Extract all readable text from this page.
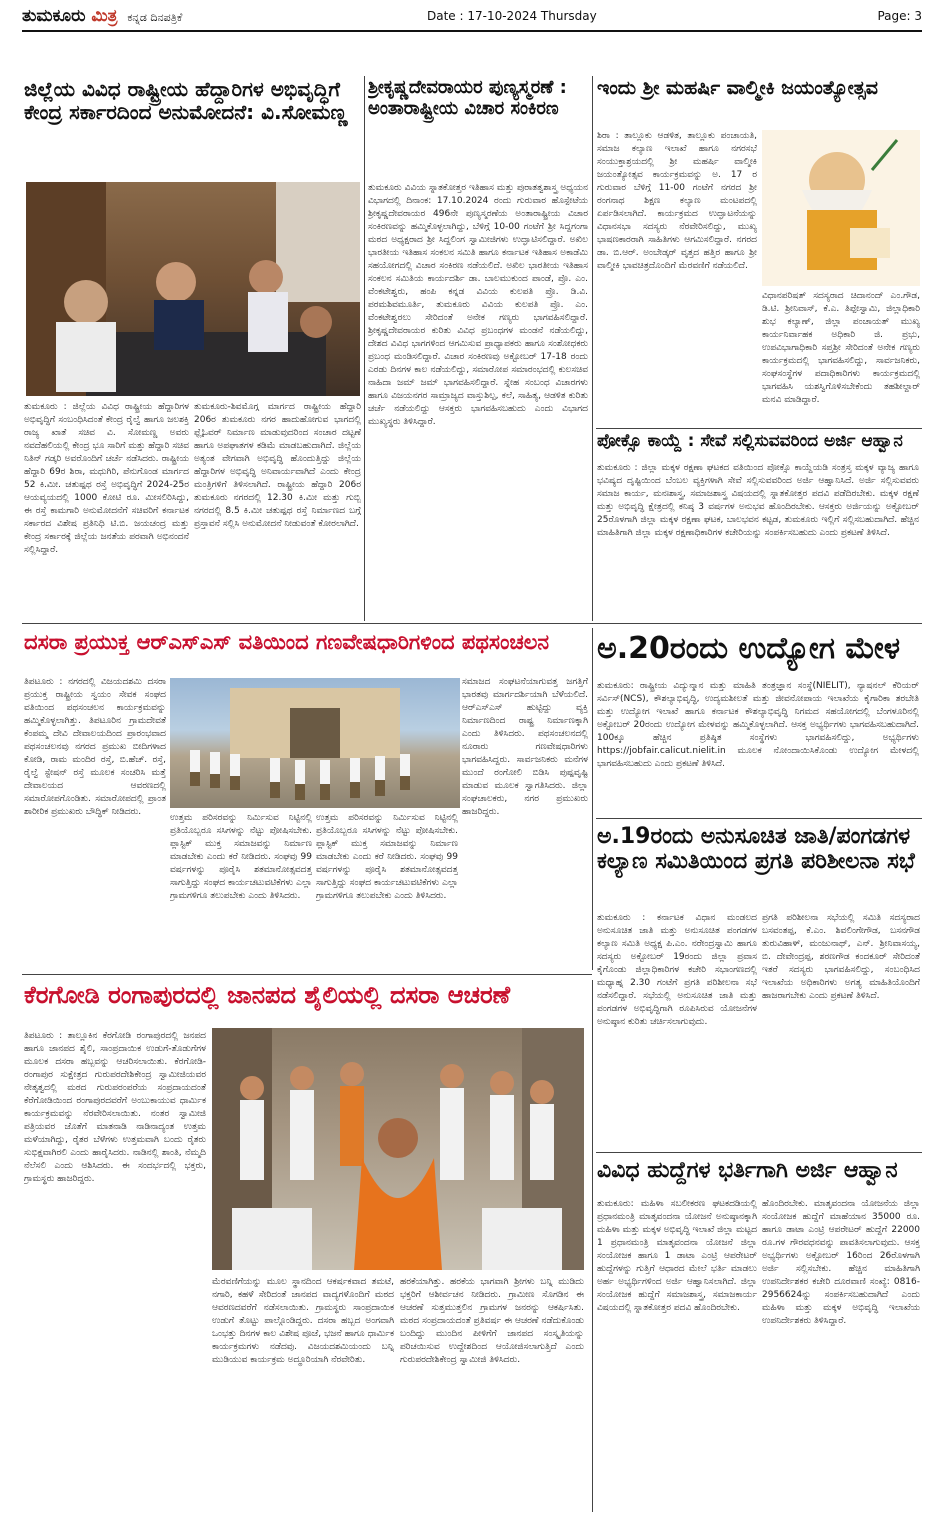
ತುಮಕೂರು ಮಿತ್ರ ಕನ್ನಡ ದಿನಪತ್ರಿಕೆ	Date : 17-10-2024 Thursday	Page: 3
ಜಿಲ್ಲೆಯ ವಿವಿಧ ರಾಷ್ಟ್ರೀಯ ಹೆದ್ದಾರಿಗಳ ಅಭಿವೃದ್ಧಿಗೆ ಕೇಂದ್ರ ಸರ್ಕಾರದಿಂದ ಅನುಮೋದನೆ: ವಿ.ಸೋಮಣ್ಣ
ತುಮಕೂರು : ಜಿಲ್ಲೆಯ ವಿವಿಧ ರಾಷ್ಟ್ರೀಯ ಹೆದ್ದಾರಿಗಳ ಅಭಿವೃದ್ಧಿಗೆ ಸಂಬಂಧಿಸಿದಂತೆ ಕೇಂದ್ರ ರೈಲ್ವೆ ಹಾಗೂ ಜಲಶಕ್ತಿ ರಾಜ್ಯ ಖಾತೆ ಸಚಿವ ವಿ. ಸೋಮಣ್ಣ ಅವರು ನವದೆಹಲಿಯಲ್ಲಿ ಕೇಂದ್ರ ಭೂ ಸಾರಿಗೆ ಮತ್ತು ಹೆದ್ದಾರಿ ಸಚಿವ ನಿತಿನ್ ಗಡ್ಕರಿ ಅವರೊಂದಿಗೆ ಚರ್ಚೆ ನಡೆಸಿದರು. ರಾಷ್ಟ್ರೀಯ ಹೆದ್ದಾರಿ 69ರ ಶಿರಾ, ಮಧುಗಿರಿ, ಪೆನುಗೊಂಡ ಮಾರ್ಗದ 52 ಕಿ.ಮೀ. ಚತುಷ್ಪಥ ರಸ್ತೆ ಅಭಿವೃದ್ಧಿಗೆ 2024-25ರ ಆಯವ್ಯಯದಲ್ಲಿ 1000 ಕೋಟಿ ರೂ. ಮೀಸಲಿರಿಸಿದ್ದು, ಈ ರಸ್ತೆ ಕಾಮಗಾರಿ ಅನುಮೋದನೆಗೆ ಸಚಿವರಿಗೆ ಕರ್ನಾಟಕ ಸರ್ಕಾರದ ವಿಶೇಷ ಪ್ರತಿನಿಧಿ ಟಿ.ಬಿ. ಜಯಚಂದ್ರ ಮತ್ತು ಕೇಂದ್ರ ಸರ್ಕಾರಕ್ಕೆ ಜಿಲ್ಲೆಯ ಜನತೆಯ ಪರವಾಗಿ ಅಭಿನಂದನೆ ಸಲ್ಲಿಸಿದ್ದಾರೆ.
ತುಮಕೂರು-ಶಿವಮೊಗ್ಗ ಮಾರ್ಗದ ರಾಷ್ಟ್ರೀಯ ಹೆದ್ದಾರಿ 206ರ ತುಮಕೂರು ನಗರ ಹಾದುಹೋಗುವ ಭಾಗದಲ್ಲಿ ಫ್ಲೈಓವರ್ ನಿರ್ಮಾಣ ಮಾಡುವುದರಿಂದ ಸಂಚಾರ ದಟ್ಟಣೆ ಹಾಗೂ ಅಪಘಾತಗಳ ಕಡಿಮೆ ಮಾಡಬಹುದಾಗಿದೆ. ಜಿಲ್ಲೆಯ ಅತ್ಯಂತ ವೇಗವಾಗಿ ಅಭಿವೃದ್ಧಿ ಹೊಂದುತ್ತಿದ್ದು ಜಿಲ್ಲೆಯ ಹೆದ್ದಾರಿಗಳ ಅಭಿವೃದ್ಧಿ ಅನಿವಾರ್ಯವಾಗಿದೆ ಎಂದು ಕೇಂದ್ರ ಮಂತ್ರಿಗಳಿಗೆ ತಿಳಿಸಲಾಗಿದೆ. ರಾಷ್ಟ್ರೀಯ ಹೆದ್ದಾರಿ 206ರ ತುಮಕೂರು ನಗರದಲ್ಲಿ 12.30 ಕಿ.ಮೀ ಮತ್ತು ಗುಬ್ಬಿ ನಗರದಲ್ಲಿ 8.5 ಕಿ.ಮೀ ಚತುಷ್ಪಥ ರಸ್ತೆ ನಿರ್ಮಾಣದ ಬಗ್ಗೆ ಪ್ರಸ್ತಾವನೆ ಸಲ್ಲಿಸಿ ಅನುಮೋದನೆ ನೀಡುವಂತೆ ಕೋರಲಾಗಿದೆ.
ಶ್ರೀಕೃಷ್ಣದೇವರಾಯರ ಪುಣ್ಯಸ್ಮರಣೆ : ಅಂತಾರಾಷ್ಟ್ರೀಯ ವಿಚಾರ ಸಂಕಿರಣ
ತುಮಕೂರು ವಿವಿಯ ಸ್ನಾತಕೋತ್ತರ ಇತಿಹಾಸ ಮತ್ತು ಪುರಾತತ್ವಶಾಸ್ತ್ರ ಅಧ್ಯಯನ ವಿಭಾಗದಲ್ಲಿ ದಿನಾಂಕ: 17.10.2024 ರಂದು ಗುರುವಾರ ಹೊಸ್ಪೇಟೆಯ ಶ್ರೀಕೃಷ್ಣದೇವರಾಯರ 496ನೇ ಪುಣ್ಯಸ್ಮರಣೆಯ ಅಂತಾರಾಷ್ಟ್ರೀಯ ವಿಚಾರ ಸಂಕಿರಣವನ್ನು ಹಮ್ಮಿಕೊಳ್ಳಲಾಗಿದ್ದು, ಬೆಳಿಗ್ಗೆ 10-00 ಗಂಟೆಗೆ ಶ್ರೀ ಸಿದ್ದಗಂಗಾ ಮಠದ ಅಧ್ಯಕ್ಷರಾದ ಶ್ರೀ ಸಿದ್ದಲಿಂಗ ಸ್ವಾಮೀಜಿಗಳು ಉದ್ಘಾಟಿಸಲಿದ್ದಾರೆ. ಅಖಿಲ ಭಾರತೀಯ ಇತಿಹಾಸ ಸಂಕಲನ ಸಮಿತಿ ಹಾಗೂ ಕರ್ನಾಟಕ ಇತಿಹಾಸ ಅಕಾಡೆಮಿ ಸಹಯೋಗದಲ್ಲಿ ವಿಚಾರ ಸಂಕಿರಣ ನಡೆಯಲಿದೆ. ಅಖಿಲ ಭಾರತೀಯ ಇತಿಹಾಸ ಸಂಕಲನ ಸಮಿತಿಯ ಕಾರ್ಯದರ್ಶಿ ಡಾ. ಬಾಲಮುಕುಂದ ಪಾಂಡೆ, ಪ್ರೊ. ಎಂ. ವೆಂಕಟೇಶ್ವರು, ಹಂಪಿ ಕನ್ನಡ ವಿವಿಯ ಕುಲಪತಿ ಪ್ರೊ. ಡಿ.ವಿ. ಪರಮಶಿವಮೂರ್ತಿ, ತುಮಕೂರು ವಿವಿಯ ಕುಲಪತಿ ಪ್ರೊ. ಎಂ. ವೆಂಕಟೇಶ್ವರಲು ಸೇರಿದಂತೆ ಅನೇಕ ಗಣ್ಯರು ಭಾಗವಹಿಸಲಿದ್ದಾರೆ. ಶ್ರೀಕೃಷ್ಣದೇವರಾಯರ ಕುರಿತು ವಿವಿಧ ಪ್ರಬಂಧಗಳ ಮಂಡನೆ ನಡೆಯಲಿದ್ದು, ದೇಶದ ವಿವಿಧ ಭಾಗಗಳಿಂದ ಆಗಮಿಸುವ ಪ್ರಾಧ್ಯಾಪಕರು ಹಾಗೂ ಸಂಶೋಧಕರು ಪ್ರಬಂಧ ಮಂಡಿಸಲಿದ್ದಾರೆ. ವಿಚಾರ ಸಂಕಿರಣವು ಅಕ್ಟೋಬರ್ 17-18 ರಂದು ಎರಡು ದಿನಗಳ ಕಾಲ ನಡೆಯಲಿದ್ದು, ಸಮಾರೋಪ ಸಮಾರಂಭದಲ್ಲಿ ಕುಲಸಚಿವ ನಾಹಿದಾ ಜಮ್ ಜಮ್ ಭಾಗವಹಿಸಲಿದ್ದಾರೆ. ಸ್ನೇಹ ಸಂಬಂಧ ವಿಚಾರಗಳು ಹಾಗೂ ವಿಜಯನಗರ ಸಾಮ್ರಾಜ್ಯದ ವಾಸ್ತುಶಿಲ್ಪ, ಕಲೆ, ಸಾಹಿತ್ಯ, ಆಡಳಿತ ಕುರಿತು ಚರ್ಚೆ ನಡೆಯಲಿದ್ದು ಆಸಕ್ತರು ಭಾಗವಹಿಸಬಹುದು ಎಂದು ವಿಭಾಗದ ಮುಖ್ಯಸ್ಥರು ತಿಳಿಸಿದ್ದಾರೆ.
ಇಂದು ಶ್ರೀ ಮಹರ್ಷಿ ವಾಲ್ಮೀಕಿ ಜಯಂತ್ಯೋತ್ಸವ
ಶಿರಾ : ತಾಲ್ಲೂಕು ಆಡಳಿತ, ತಾಲ್ಲೂಕು ಪಂಚಾಯತಿ, ಸಮಾಜ ಕಲ್ಯಾಣ ಇಲಾಖೆ ಹಾಗೂ ನಗರಸಭೆ ಸಂಯುಕ್ತಾಶ್ರಯದಲ್ಲಿ ಶ್ರೀ ಮಹರ್ಷಿ ವಾಲ್ಮೀಕಿ ಜಯಂತ್ಯೋತ್ಸವ ಕಾರ್ಯಕ್ರಮವನ್ನು ಅ. 17 ರ ಗುರುವಾರ ಬೆಳಿಗ್ಗೆ 11-00 ಗಂಟೆಗೆ ನಗರದ ಶ್ರೀ ರಂಗನಾಥ ಶಿಕ್ಷಣ ಕಲ್ಯಾಣ ಮಂಟಪದಲ್ಲಿ ಏರ್ಪಡಿಸಲಾಗಿದೆ. ಕಾರ್ಯಕ್ರಮದ ಉದ್ಘಾಟನೆಯನ್ನು ವಿಧಾನಸಭಾ ಸದಸ್ಯರು ನೆರವೇರಿಸಲಿದ್ದು, ಮುಖ್ಯ ಭಾಷಣಕಾರರಾಗಿ ಸಾಹಿತಿಗಳು ಆಗಮಿಸಲಿದ್ದಾರೆ. ನಗರದ ಡಾ. ಬಿ.ಆರ್. ಅಂಬೇಡ್ಕರ್ ವೃತ್ತದ ಹತ್ತಿರ ಹಾಗೂ ಶ್ರೀ ವಾಲ್ಮೀಕಿ ಭಾವಚಿತ್ರದೊಂದಿಗೆ ಮೆರವಣಿಗೆ ನಡೆಯಲಿದೆ.
ವಿಧಾನಪರಿಷತ್ ಸದಸ್ಯರಾದ ಚಿದಾನಂದ್ ಎಂ.ಗೌಡ, ಡಿ.ಟಿ. ಶ್ರೀನಿವಾಸ್, ಕೆ.ಎ. ತಿಪ್ಪೇಸ್ವಾಮಿ, ಜಿಲ್ಲಾಧಿಕಾರಿ ಶುಭ ಕಲ್ಯಾಣ್, ಜಿಲ್ಲಾ ಪಂಚಾಯತ್ ಮುಖ್ಯ ಕಾರ್ಯನಿರ್ವಾಹಕ ಅಧಿಕಾರಿ ಜಿ. ಪ್ರಭು, ಉಪವಿಭಾಗಾಧಿಕಾರಿ ಸಪ್ತಶ್ರೀ ಸೇರಿದಂತೆ ಅನೇಕ ಗಣ್ಯರು ಕಾರ್ಯಕ್ರಮದಲ್ಲಿ ಭಾಗವಹಿಸಲಿದ್ದು, ಸಾರ್ವಜನಿಕರು, ಸಂಘಸಂಸ್ಥೆಗಳ ಪದಾಧಿಕಾರಿಗಳು ಕಾರ್ಯಕ್ರಮದಲ್ಲಿ ಭಾಗವಹಿಸಿ ಯಶಸ್ವಿಗೊಳಿಸಬೇಕೆಂದು ತಹಶೀಲ್ದಾರ್ ಮನವಿ ಮಾಡಿದ್ದಾರೆ.
ಪೋಕ್ಸೊ ಕಾಯ್ದೆ : ಸೇವೆ ಸಲ್ಲಿಸುವವರಿಂದ ಅರ್ಜಿ ಆಹ್ವಾನ
ತುಮಕೂರು : ಜಿಲ್ಲಾ ಮಕ್ಕಳ ರಕ್ಷಣಾ ಘಟಕದ ವತಿಯಿಂದ ಪೋಕ್ಸೊ ಕಾಯ್ದೆಯಡಿ ಸಂತ್ರಸ್ತ ಮಕ್ಕಳ ವ್ಯಾಜ್ಯ ಹಾಗೂ ಭವಿಷ್ಯದ ದೃಷ್ಟಿಯಿಂದ ಬೆಂಬಲ ವ್ಯಕ್ತಿಗಳಾಗಿ ಸೇವೆ ಸಲ್ಲಿಸುವವರಿಂದ ಅರ್ಜಿ ಆಹ್ವಾನಿಸಿದೆ. ಅರ್ಜಿ ಸಲ್ಲಿಸುವವರು ಸಮಾಜ ಕಾರ್ಯ, ಮನಃಶಾಸ್ತ್ರ, ಸಮಾಜಶಾಸ್ತ್ರ ವಿಷಯದಲ್ಲಿ ಸ್ನಾತಕೋತ್ತರ ಪದವಿ ಪಡೆದಿರಬೇಕು. ಮಕ್ಕಳ ರಕ್ಷಣೆ ಮತ್ತು ಅಭಿವೃದ್ಧಿ ಕ್ಷೇತ್ರದಲ್ಲಿ ಕನಿಷ್ಠ 3 ವರ್ಷಗಳ ಅನುಭವ ಹೊಂದಿರಬೇಕು. ಆಸಕ್ತರು ಅರ್ಜಿಯನ್ನು ಅಕ್ಟೋಬರ್ 25ರೊಳಗಾಗಿ ಜಿಲ್ಲಾ ಮಕ್ಕಳ ರಕ್ಷಣಾ ಘಟಕ, ಬಾಲಭವನ ಕಟ್ಟಡ, ತುಮಕೂರು ಇಲ್ಲಿಗೆ ಸಲ್ಲಿಸಬಹುದಾಗಿದೆ. ಹೆಚ್ಚಿನ ಮಾಹಿತಿಗಾಗಿ ಜಿಲ್ಲಾ ಮಕ್ಕಳ ರಕ್ಷಣಾಧಿಕಾರಿಗಳ ಕಚೇರಿಯನ್ನು ಸಂಪರ್ಕಿಸಬಹುದು ಎಂದು ಪ್ರಕಟಣೆ ತಿಳಿಸಿದೆ.
ದಸರಾ ಪ್ರಯುಕ್ತ ಆರ್‌ಎಸ್‌ಎಸ್ ವತಿಯಿಂದ ಗಣವೇಷಧಾರಿಗಳಿಂದ ಪಥಸಂಚಲನ
ತಿಪಟೂರು : ನಗರದಲ್ಲಿ ವಿಜಯದಶಮಿ ದಸರಾ ಪ್ರಯುಕ್ತ ರಾಷ್ಟ್ರೀಯ ಸ್ವಯಂ ಸೇವಕ ಸಂಘದ ವತಿಯಿಂದ ಪಥಸಂಚಲನ ಕಾರ್ಯಕ್ರಮವನ್ನು ಹಮ್ಮಿಕೊಳ್ಳಲಾಗಿತ್ತು. ತಿಪಟೂರಿನ ಗ್ರಾಮದೇವತೆ ಕೆಂಪಮ್ಮ ದೇವಿ ದೇವಾಲಯದಿಂದ ಪ್ರಾರಂಭವಾದ ಪಥಸಂಚಲನವು ನಗರದ ಪ್ರಮುಖ ಬೀದಿಗಳಾದ ಕೋಡಿ, ರಾಮ ಮಂದಿರ ರಸ್ತೆ, ಬಿ.ಹೆಚ್. ರಸ್ತೆ, ರೈಲ್ವೆ ಸ್ಟೇಷನ್ ರಸ್ತೆ ಮೂಲಕ ಸಂಚರಿಸಿ ಮತ್ತೆ ದೇವಾಲಯದ ಆವರಣದಲ್ಲಿ ಸಮಾರೋಪಗೊಂಡಿತು. ಸಮಾರೋಪದಲ್ಲಿ ಪ್ರಾಂತ ಶಾರೀರಿಕ ಪ್ರಮುಖರು ಬೌದ್ಧಿಕ್ ನೀಡಿದರು.
ಉತ್ತಮ ಪರಿಸರವನ್ನು ನಿರ್ಮಿಸುವ ನಿಟ್ಟಿನಲ್ಲಿ ಪ್ರತಿಯೊಬ್ಬರೂ ಸಸಿಗಳನ್ನು ನೆಟ್ಟು ಪೋಷಿಸಬೇಕು. ಪ್ಲಾಸ್ಟಿಕ್ ಮುಕ್ತ ಸಮಾಜವನ್ನು ನಿರ್ಮಾಣ ಮಾಡಬೇಕು ಎಂದು ಕರೆ ನೀಡಿದರು. ಸಂಘವು 99 ವರ್ಷಗಳನ್ನು ಪೂರೈಸಿ ಶತಮಾನೋತ್ಸವದತ್ತ ಸಾಗುತ್ತಿದ್ದು ಸಂಘದ ಕಾರ್ಯಚಟುವಟಿಕೆಗಳು ಎಲ್ಲಾ ಗ್ರಾಮಗಳಿಗೂ ತಲುಪಬೇಕು ಎಂದು ತಿಳಿಸಿದರು.
ಉತ್ತಮ ಪರಿಸರವನ್ನು ನಿರ್ಮಿಸುವ ನಿಟ್ಟಿನಲ್ಲಿ ಪ್ರತಿಯೊಬ್ಬರೂ ಸಸಿಗಳನ್ನು ನೆಟ್ಟು ಪೋಷಿಸಬೇಕು. ಪ್ಲಾಸ್ಟಿಕ್ ಮುಕ್ತ ಸಮಾಜವನ್ನು ನಿರ್ಮಾಣ ಮಾಡಬೇಕು ಎಂದು ಕರೆ ನೀಡಿದರು. ಸಂಘವು 99 ವರ್ಷಗಳನ್ನು ಪೂರೈಸಿ ಶತಮಾನೋತ್ಸವದತ್ತ ಸಾಗುತ್ತಿದ್ದು ಸಂಘದ ಕಾರ್ಯಚಟುವಟಿಕೆಗಳು ಎಲ್ಲಾ ಗ್ರಾಮಗಳಿಗೂ ತಲುಪಬೇಕು ಎಂದು ತಿಳಿಸಿದರು.
ಸಮಾಜದ ಸಂಘಟನೆಯಾಗುವತ್ತ ಜಗತ್ತಿಗೆ ಭಾರತವು ಮಾರ್ಗದರ್ಶಿಯಾಗಿ ಬೆಳೆಯಲಿದೆ. ಆರ್‌ಎಸ್‌ಎಸ್ ಹುಟ್ಟಿದ್ದು ವ್ಯಕ್ತಿ ನಿರ್ಮಾಣದಿಂದ ರಾಷ್ಟ್ರ ನಿರ್ಮಾಣಕ್ಕಾಗಿ ಎಂದು ತಿಳಿಸಿದರು. ಪಥಸಂಚಲನದಲ್ಲಿ ನೂರಾರು ಗಣವೇಷಧಾರಿಗಳು ಭಾಗವಹಿಸಿದ್ದರು. ಸಾರ್ವಜನಿಕರು ಮನೆಗಳ ಮುಂದೆ ರಂಗೋಲಿ ಬಿಡಿಸಿ ಪುಷ್ಪವೃಷ್ಟಿ ಮಾಡುವ ಮೂಲಕ ಸ್ವಾಗತಿಸಿದರು. ಜಿಲ್ಲಾ ಸಂಘಚಾಲಕರು, ನಗರ ಪ್ರಮುಖರು ಹಾಜರಿದ್ದರು.
ಅ.20ರಂದು ಉದ್ಯೋಗ ಮೇಳ
ತುಮಕೂರು: ರಾಷ್ಟ್ರೀಯ ವಿದ್ಯುನ್ಮಾನ ಮತ್ತು ಮಾಹಿತಿ ತಂತ್ರಜ್ಞಾನ ಸಂಸ್ಥೆ(NIELIT), ನ್ಯಾಷನಲ್ ಕೆರಿಯರ್ ಸರ್ವಿಸ್(NCS), ಕೌಶಲ್ಯಾಭಿವೃದ್ಧಿ, ಉದ್ಯಮಶೀಲತೆ ಮತ್ತು ಜೀವನೋಪಾಯ ಇಲಾಖೆಯ ಕೈಗಾರಿಕಾ ತರಬೇತಿ ಮತ್ತು ಉದ್ಯೋಗ ಇಲಾಖೆ ಹಾಗೂ ಕರ್ನಾಟಕ ಕೌಶಲ್ಯಾಭಿವೃದ್ಧಿ ನಿಗಮದ ಸಹಯೋಗದಲ್ಲಿ ಬೆಂಗಳೂರಿನಲ್ಲಿ ಅಕ್ಟೋಬರ್ 20ರಂದು ಉದ್ಯೋಗ ಮೇಳವನ್ನು ಹಮ್ಮಿಕೊಳ್ಳಲಾಗಿದೆ. ಆಸಕ್ತ ಅಭ್ಯರ್ಥಿಗಳು ಭಾಗವಹಿಸಬಹುದಾಗಿದೆ. 100ಕ್ಕೂ ಹೆಚ್ಚಿನ ಪ್ರತಿಷ್ಠಿತ ಸಂಸ್ಥೆಗಳು ಭಾಗವಹಿಸಲಿದ್ದು, ಅಭ್ಯರ್ಥಿಗಳು https://jobfair.calicut.nielit.in ಮೂಲಕ ನೋಂದಾಯಿಸಿಕೊಂಡು ಉದ್ಯೋಗ ಮೇಳದಲ್ಲಿ ಭಾಗವಹಿಸಬಹುದು ಎಂದು ಪ್ರಕಟಣೆ ತಿಳಿಸಿದೆ.
ಅ.19ರಂದು ಅನುಸೂಚಿತ ಜಾತಿ/ಪಂಗಡಗಳ ಕಲ್ಯಾಣ ಸಮಿತಿಯಿಂದ ಪ್ರಗತಿ ಪರಿಶೀಲನಾ ಸಭೆ
ತುಮಕೂರು : ಕರ್ನಾಟಕ ವಿಧಾನ ಮಂಡಲದ ಅನುಸೂಚಿತ ಜಾತಿ ಮತ್ತು ಅನುಸೂಚಿತ ಪಂಗಡಗಳ ಕಲ್ಯಾಣ ಸಮಿತಿ ಅಧ್ಯಕ್ಷ ಪಿ.ಎಂ. ನರೇಂದ್ರಸ್ವಾಮಿ ಹಾಗೂ ಸದಸ್ಯರು ಅಕ್ಟೋಬರ್ 19ರಂದು ಜಿಲ್ಲಾ ಪ್ರವಾಸ ಕೈಗೊಂಡು ಜಿಲ್ಲಾಧಿಕಾರಿಗಳ ಕಚೇರಿ ಸಭಾಂಗಣದಲ್ಲಿ ಮಧ್ಯಾಹ್ನ 2.30 ಗಂಟೆಗೆ ಪ್ರಗತಿ ಪರಿಶೀಲನಾ ಸಭೆ ನಡೆಸಲಿದ್ದಾರೆ. ಸಭೆಯಲ್ಲಿ ಅನುಸೂಚಿತ ಜಾತಿ ಮತ್ತು ಪಂಗಡಗಳ ಅಭಿವೃದ್ಧಿಗಾಗಿ ರೂಪಿಸಿರುವ ಯೋಜನೆಗಳ ಅನುಷ್ಠಾನ ಕುರಿತು ಚರ್ಚಿಸಲಾಗುವುದು.
ಪ್ರಗತಿ ಪರಿಶೀಲನಾ ಸಭೆಯಲ್ಲಿ ಸಮಿತಿ ಸದಸ್ಯರಾದ ಬಸವಂತಪ್ಪ, ಕೆ.ಎಂ. ಶಿವಲಿಂಗೇಗೌಡ, ಬಸನಗೌಡ ತುರುವಿಹಾಳ್, ಮಂಜುನಾಥ್, ಎನ್. ಶ್ರೀನಿವಾಸಯ್ಯ, ಬಿ. ದೇವೇಂದ್ರಪ್ಪ, ಶರಣಗೌಡ ಕಂದಕೂರ್ ಸೇರಿದಂತೆ ಇತರೆ ಸದಸ್ಯರು ಭಾಗವಹಿಸಲಿದ್ದು, ಸಂಬಂಧಿಸಿದ ಇಲಾಖೆಯ ಅಧಿಕಾರಿಗಳು ಅಗತ್ಯ ಮಾಹಿತಿಯೊಂದಿಗೆ ಹಾಜರಾಗಬೇಕು ಎಂದು ಪ್ರಕಟಣೆ ತಿಳಿಸಿದೆ.
ಕೆರಗೋಡಿ ರಂಗಾಪುರದಲ್ಲಿ ಜಾನಪದ ಶೈಲಿಯಲ್ಲಿ ದಸರಾ ಆಚರಣೆ
ತಿಪಟೂರು : ತಾಲ್ಲೂಕಿನ ಕೆರಗೋಡಿ ರಂಗಾಪುರದಲ್ಲಿ ಜನಪದ ಹಾಗೂ ಜಾನಪದ ಶೈಲಿ, ಸಾಂಪ್ರದಾಯಿಕ ಉಡುಗೆ-ತೊಡುಗೆಗಳ ಮೂಲಕ ದಸರಾ ಹಬ್ಬವನ್ನು ಆಚರಿಸಲಾಯಿತು. ಕೆರಗೋಡಿ-ರಂಗಾಪುರ ಸುಕ್ಷೇತ್ರದ ಗುರುಪರದೇಶಿಕೇಂದ್ರ ಸ್ವಾಮೀಜಿಯವರ ನೇತೃತ್ವದಲ್ಲಿ ಮಠದ ಗುರುಪರಂಪರೆಯ ಸಂಪ್ರದಾಯದಂತೆ ಕೆರೆಗೋಡಿಯಿಂದ ರಂಗಾಪುರದವರೆಗೆ ಅಂಬುಕಾಯುವ ಧಾರ್ಮಿಕ ಕಾರ್ಯಕ್ರಮವನ್ನು ನೆರವೇರಿಸಲಾಯಿತು. ನಂತರ ಸ್ವಾಮೀಜಿ ಪತ್ರಿಯವರ ಜೊತೆಗೆ ಮಾತನಾಡಿ ನಾಡಿನಾದ್ಯಂತ ಉತ್ತಮ ಮಳೆಯಾಗಿದ್ದು, ರೈತರ ಬೆಳೆಗಳು ಉತ್ತಮವಾಗಿ ಬಂದು ರೈತರು ಸುಭಿಕ್ಷವಾಗಿರಲಿ ಎಂದು ಹಾರೈಸಿದರು. ನಾಡಿನಲ್ಲಿ ಶಾಂತಿ, ನೆಮ್ಮದಿ ನೆಲೆಸಲಿ ಎಂದು ಆಶಿಸಿದರು. ಈ ಸಂದರ್ಭದಲ್ಲಿ ಭಕ್ತರು, ಗ್ರಾಮಸ್ಥರು ಹಾಜರಿದ್ದರು.
ಮೆರವಣಿಗೆಯನ್ನು ಮೂಲ ಸ್ಥಾನದಿಂದ ಆಕರ್ಷಕವಾದ ತಮಟೆ, ನಗಾರಿ, ಕಹಳೆ ಸೇರಿದಂತೆ ಜಾನಪದ ವಾದ್ಯಗಳೊಂದಿಗೆ ಮಠದ ಆವರಣದವರೆಗೆ ನಡೆಸಲಾಯಿತು. ಗ್ರಾಮಸ್ಥರು ಸಾಂಪ್ರದಾಯಿಕ ಉಡುಗೆ ತೊಟ್ಟು ಪಾಲ್ಗೊಂಡಿದ್ದರು. ದಸರಾ ಹಬ್ಬದ ಅಂಗವಾಗಿ ಒಂಭತ್ತು ದಿನಗಳ ಕಾಲ ವಿಶೇಷ ಪೂಜೆ, ಭಜನೆ ಹಾಗೂ ಧಾರ್ಮಿಕ ಕಾರ್ಯಕ್ರಮಗಳು ನಡೆದವು. ವಿಜಯದಶಮಿಯಂದು ಬನ್ನಿ ಮುಡಿಯುವ ಕಾರ್ಯಕ್ರಮ ಅದ್ಧೂರಿಯಾಗಿ ನೆರವೇರಿತು.
ಹರಕೆಯಾಗಿತ್ತು. ಹರಕೆಯ ಭಾಗವಾಗಿ ಶ್ರೀಗಳು ಬನ್ನಿ ಮುಡಿದು ಭಕ್ತರಿಗೆ ಆಶೀರ್ವಚನ ನೀಡಿದರು. ಗ್ರಾಮೀಣ ಸೊಗಡಿನ ಈ ಆಚರಣೆ ಸುತ್ತಮುತ್ತಲಿನ ಗ್ರಾಮಗಳ ಜನರನ್ನು ಆಕರ್ಷಿಸಿತು. ಮಠದ ಸಂಪ್ರದಾಯದಂತೆ ಪ್ರತಿವರ್ಷ ಈ ಆಚರಣೆ ನಡೆದುಕೊಂಡು ಬಂದಿದ್ದು ಮುಂದಿನ ಪೀಳಿಗೆಗೆ ಜಾನಪದ ಸಂಸ್ಕೃತಿಯನ್ನು ಪರಿಚಯಿಸುವ ಉದ್ದೇಶದಿಂದ ಆಯೋಜಿಸಲಾಗುತ್ತಿದೆ ಎಂದು ಗುರುಪರದೇಶಿಕೇಂದ್ರ ಸ್ವಾಮೀಜಿ ತಿಳಿಸಿದರು.
ವಿವಿಧ ಹುದ್ದೆಗಳ ಭರ್ತಿಗಾಗಿ ಅರ್ಜಿ ಆಹ್ವಾನ
ತುಮಕೂರು: ಮಹಿಳಾ ಸಬಲೀಕರಣ ಘಟಕದಡಿಯಲ್ಲಿ ಪ್ರಧಾನಮಂತ್ರಿ ಮಾತೃವಂದನಾ ಯೋಜನೆ ಅನುಷ್ಠಾನಕ್ಕಾಗಿ ಮಹಿಳಾ ಮತ್ತು ಮಕ್ಕಳ ಅಭಿವೃದ್ಧಿ ಇಲಾಖೆ ಜಿಲ್ಲಾ ಮಟ್ಟದ 1 ಪ್ರಧಾನಮಂತ್ರಿ ಮಾತೃವಂದನಾ ಯೋಜನೆ ಜಿಲ್ಲಾ ಸಂಯೋಜಕ ಹಾಗೂ 1 ಡಾಟಾ ಎಂಟ್ರಿ ಆಪರೇಟರ್ ಹುದ್ದೆಗಳನ್ನು ಗುತ್ತಿಗೆ ಆಧಾರದ ಮೇಲೆ ಭರ್ತಿ ಮಾಡಲು ಅರ್ಹ ಅಭ್ಯರ್ಥಿಗಳಿಂದ ಅರ್ಜಿ ಆಹ್ವಾನಿಸಲಾಗಿದೆ. ಜಿಲ್ಲಾ ಸಂಯೋಜಕ ಹುದ್ದೆಗೆ ಸಮಾಜಶಾಸ್ತ್ರ, ಸಮಾಜಕಾರ್ಯ ವಿಷಯದಲ್ಲಿ ಸ್ನಾತಕೋತ್ತರ ಪದವಿ ಹೊಂದಿರಬೇಕು.
ಹೊಂದಿರಬೇಕು. ಮಾತೃವಂದನಾ ಯೋಜನೆಯ ಜಿಲ್ಲಾ ಸಂಯೋಜಕ ಹುದ್ದೆಗೆ ಮಾಹೆಯಾನ 35000 ರೂ. ಹಾಗೂ ಡಾಟಾ ಎಂಟ್ರಿ ಆಪರೇಟರ್ ಹುದ್ದೆಗೆ 22000 ರೂ.ಗಳ ಗೌರವಧನವನ್ನು ಪಾವತಿಸಲಾಗುವುದು. ಆಸಕ್ತ ಅಭ್ಯರ್ಥಿಗಳು ಅಕ್ಟೋಬರ್ 16ರಿಂದ 26ರೊಳಗಾಗಿ ಅರ್ಜಿ ಸಲ್ಲಿಸಬೇಕು. ಹೆಚ್ಚಿನ ಮಾಹಿತಿಗಾಗಿ ಉಪನಿರ್ದೇಶಕರ ಕಚೇರಿ ದೂರವಾಣಿ ಸಂಖ್ಯೆ: 0816-2956624ನ್ನು ಸಂಪರ್ಕಿಸಬಹುದಾಗಿದೆ ಎಂದು ಮಹಿಳಾ ಮತ್ತು ಮಕ್ಕಳ ಅಭಿವೃದ್ಧಿ ಇಲಾಖೆಯ ಉಪನಿರ್ದೇಶಕರು ತಿಳಿಸಿದ್ದಾರೆ.
